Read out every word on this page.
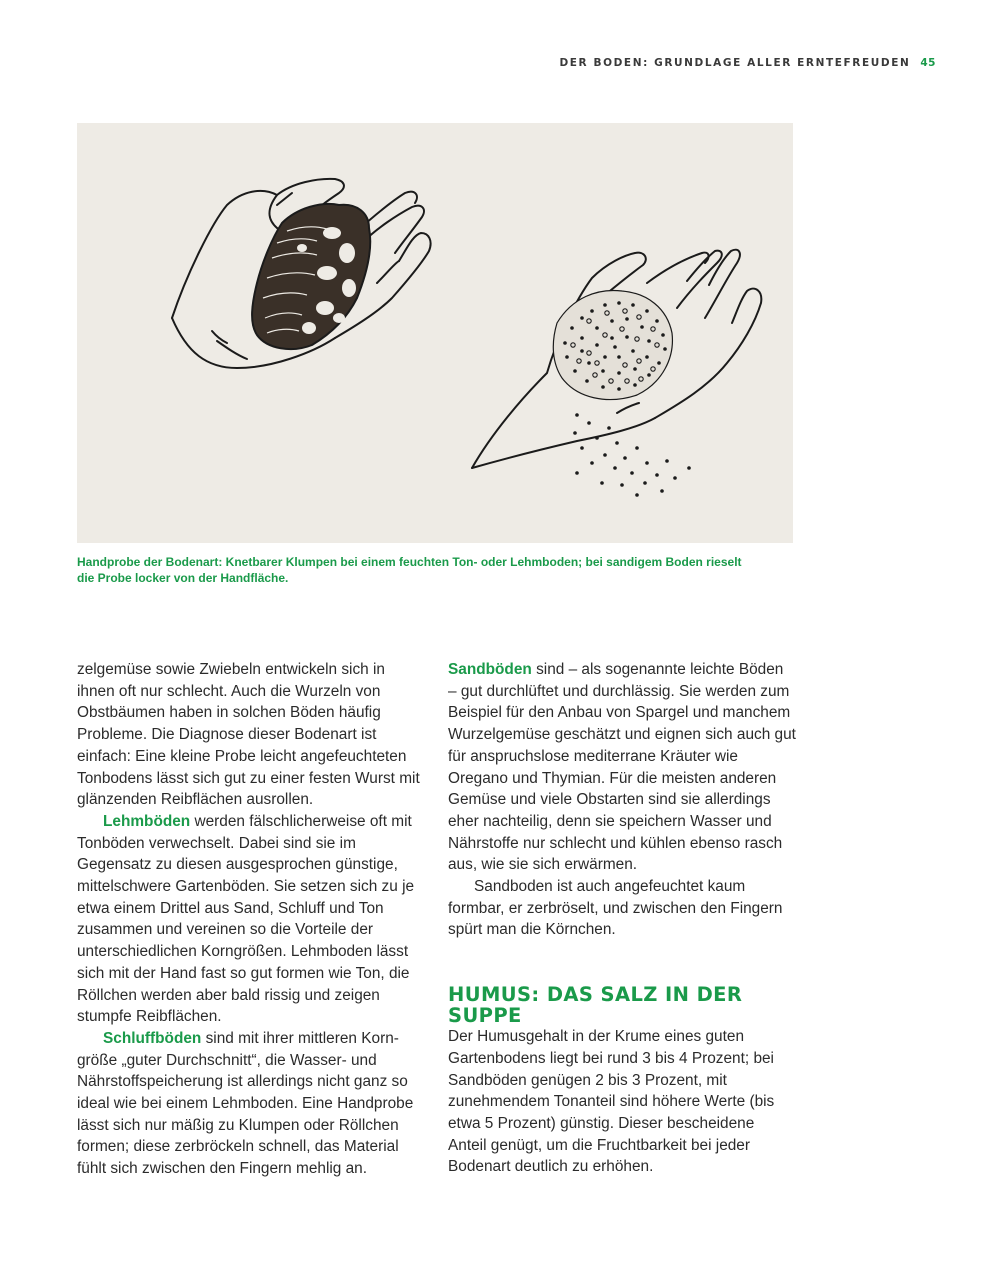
DER BODEN: GRUNDLAGE ALLER ERNTEFREUDEN 45
Handprobe der Bodenart: Knetbarer Klumpen bei einem feuchten Ton- oder Lehmboden; bei sandigem Boden rieselt die Probe locker von der Handfläche.

zelgemüse sowie Zwiebeln entwickeln sich in ihnen oft nur schlecht. Auch die Wurzeln von Obstbäumen haben in solchen Böden häufig Probleme. Die Diagnose dieser Bodenart ist einfach: Eine kleine Probe leicht angefeuchteten Tonbodens lässt sich gut zu einer festen Wurst mit glänzenden Reibflächen ausrollen.

Lehmböden werden fälschlicherweise oft mit Tonböden verwechselt. Dabei sind sie im Gegensatz zu diesen ausgesprochen günstige, mittelschwere Gartenböden. Sie setzen sich zu je etwa einem Drittel aus Sand, Schluff und Ton zusammen und vereinen so die Vorteile der unterschiedlichen Korngrößen. Lehmboden lässt sich mit der Hand fast so gut formen wie Ton, die Röllchen werden aber bald rissig und zeigen stumpfe Reibflächen.

Schluffböden sind mit ihrer mittleren Korngröße „guter Durchschnitt“, die Wasser- und Nährstoffspeicherung ist allerdings nicht ganz so ideal wie bei einem Lehmboden. Eine Handprobe lässt sich nur mäßig zu Klumpen oder Röllchen formen; diese zerbröckeln schnell, das Material fühlt sich zwischen den Fingern mehlig an.

Sandböden sind – als sogenannte leichte Böden – gut durchlüftet und durchlässig. Sie werden zum Beispiel für den Anbau von Spargel und manchem Wurzelgemüse geschätzt und eignen sich auch gut für anspruchslose mediterrane Kräuter wie Oregano und Thymian. Für die meisten anderen Gemüse und viele Obstarten sind sie allerdings eher nachteilig, denn sie speichern Wasser und Nährstoffe nur schlecht und kühlen ebenso rasch aus, wie sie sich erwärmen.

Sandboden ist auch angefeuchtet kaum formbar, er zerbröselt, und zwischen den Fingern spürt man die Körnchen.

HUMUS: DAS SALZ IN DER SUPPE

Der Humusgehalt in der Krume eines guten Gartenbodens liegt bei rund 3 bis 4 Prozent; bei Sandböden genügen 2 bis 3 Prozent, mit zunehmendem Tonanteil sind höhere Werte (bis etwa 5 Prozent) günstig. Dieser bescheidene Anteil genügt, um die Fruchtbarkeit bei jeder Bodenart deutlich zu erhöhen.
